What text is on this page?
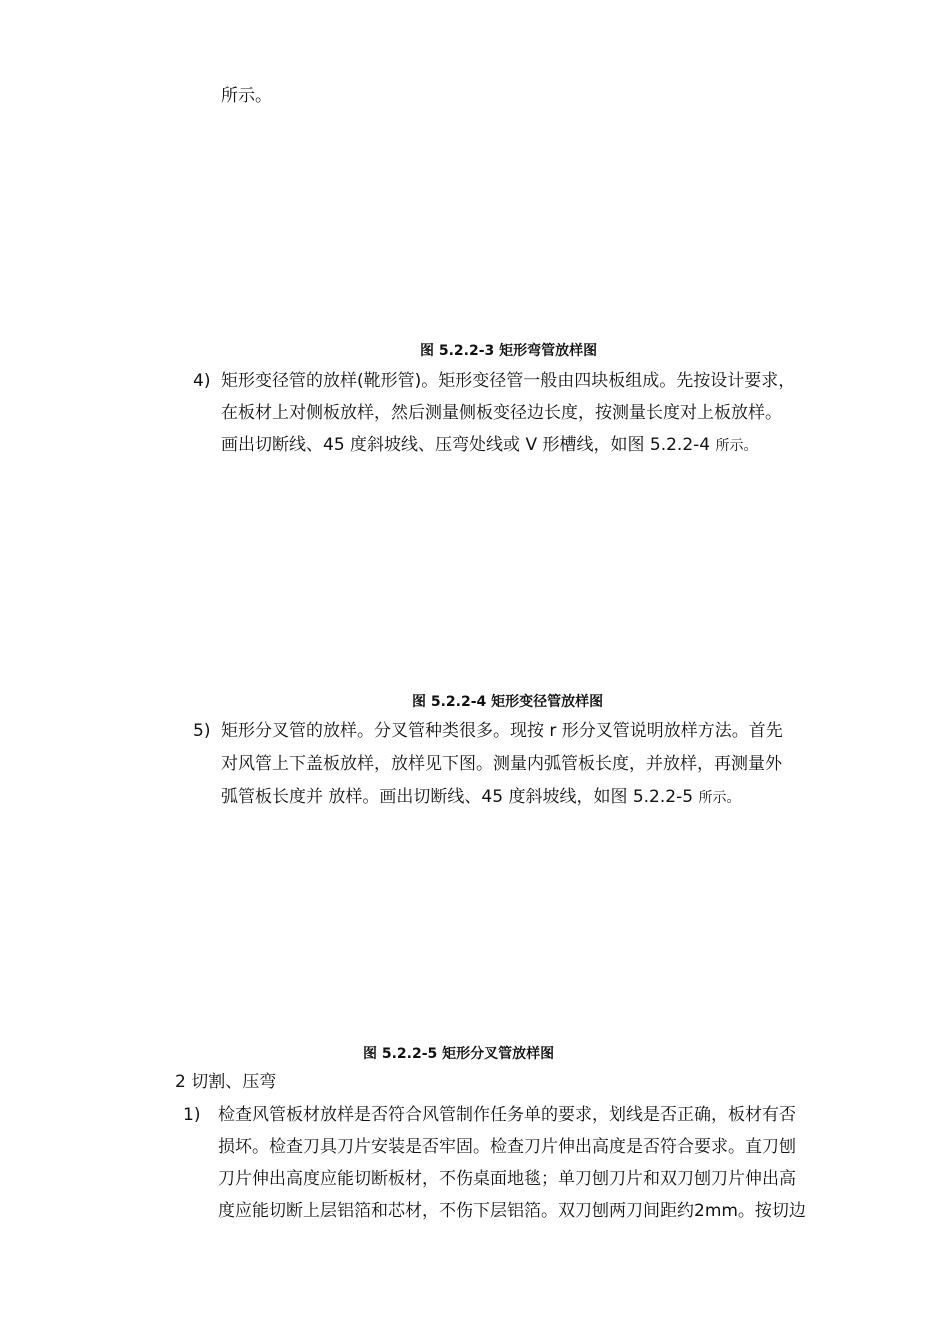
所示。
图 5.2.2-3 矩形弯管放样图
4) 矩形变径管的放样(靴形管)。矩形变径管一般由四块板组成。先按设计要求，
在板材上对侧板放样，然后测量侧板变径边长度，按测量长度对上板放样。
画出切断线、45 度斜坡线、压弯处线或 V 形槽线，如图 5.2.2-4 所示。
图 5.2.2-4 矩形变径管放样图
5) 矩形分叉管的放样。分叉管种类很多。现按 r 形分叉管说明放样方法。首先
对风管上下盖板放样，放样见下图。测量内弧管板长度，并放样，再测量外
弧管板长度并 放样。画出切断线、45 度斜坡线，如图 5.2.2-5 所示。
图 5.2.2-5 矩形分叉管放样图
2 切割、压弯
1) 检查风管板材放样是否符合风管制作任务单的要求，划线是否正确，板材有否
损坏。检查刀具刀片安装是否牢固。检查刀片伸出高度是否符合要求。直刀刨
刀片伸出高度应能切断板材，不伤桌面地毯；单刀刨刀片和双刀刨刀片伸出高
度应能切断上层铝箔和芯材，不伤下层铝箔。双刀刨两刀间距约2mm。按切边
